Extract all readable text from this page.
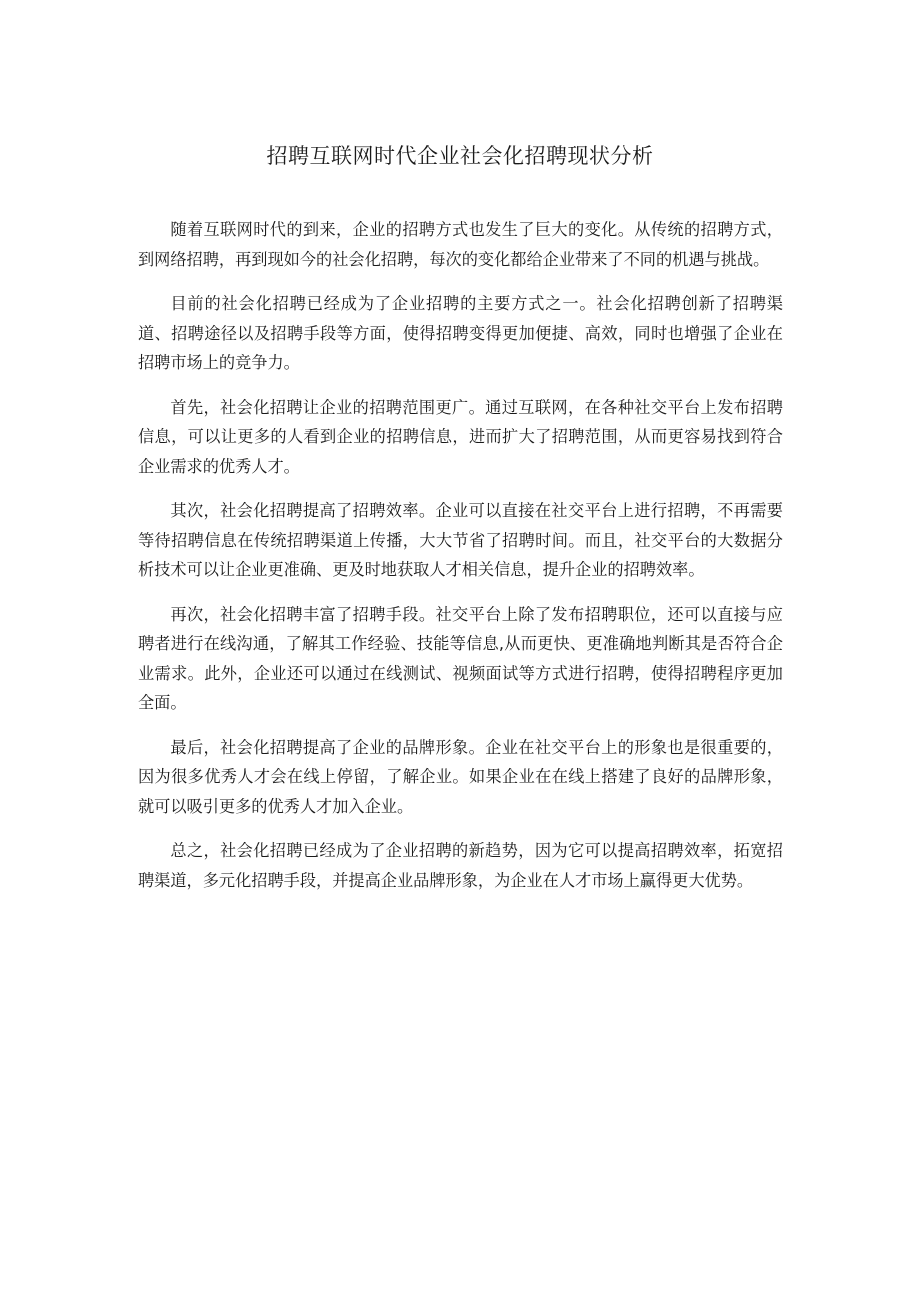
招聘互联网时代企业社会化招聘现状分析

随着互联网时代的到来，企业的招聘方式也发生了巨大的变化。从传统的招聘方式，到网络招聘，再到现如今的社会化招聘，每次的变化都给企业带来了不同的机遇与挑战。

目前的社会化招聘已经成为了企业招聘的主要方式之一。社会化招聘创新了招聘渠道、招聘途径以及招聘手段等方面，使得招聘变得更加便捷、高效，同时也增强了企业在招聘市场上的竞争力。

首先，社会化招聘让企业的招聘范围更广。通过互联网，在各种社交平台上发布招聘信息，可以让更多的人看到企业的招聘信息，进而扩大了招聘范围，从而更容易找到符合企业需求的优秀人才。

其次，社会化招聘提高了招聘效率。企业可以直接在社交平台上进行招聘，不再需要等待招聘信息在传统招聘渠道上传播，大大节省了招聘时间。而且，社交平台的大数据分析技术可以让企业更准确、更及时地获取人才相关信息，提升企业的招聘效率。

再次，社会化招聘丰富了招聘手段。社交平台上除了发布招聘职位，还可以直接与应聘者进行在线沟通，了解其工作经验、技能等信息,从而更快、更准确地判断其是否符合企业需求。此外，企业还可以通过在线测试、视频面试等方式进行招聘，使得招聘程序更加全面。

最后，社会化招聘提高了企业的品牌形象。企业在社交平台上的形象也是很重要的，因为很多优秀人才会在线上停留，了解企业。如果企业在在线上搭建了良好的品牌形象，就可以吸引更多的优秀人才加入企业。

总之，社会化招聘已经成为了企业招聘的新趋势，因为它可以提高招聘效率，拓宽招聘渠道，多元化招聘手段，并提高企业品牌形象，为企业在人才市场上赢得更大优势。
